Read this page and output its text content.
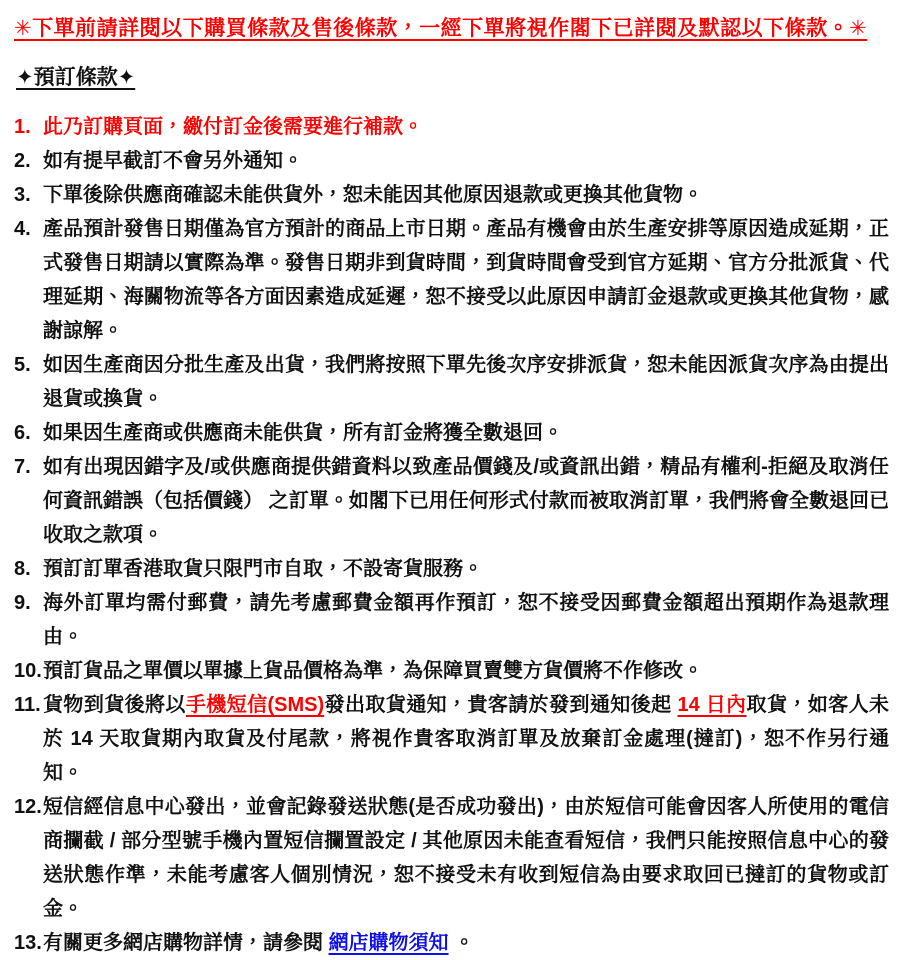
✳下單前請詳閱以下購買條款及售後條款，一經下單將視作閣下已詳閱及默認以下條款。✳
✦預訂條款✦
1. 此乃訂購頁面，繳付訂金後需要進行補款。
2. 如有提早截訂不會另外通知。
3. 下單後除供應商確認未能供貨外，恕未能因其他原因退款或更換其他貨物。
4. 產品預計發售日期僅為官方預計的商品上市日期。產品有機會由於生產安排等原因造成延期，正式發售日期請以實際為準。發售日期非到貨時間，到貨時間會受到官方延期、官方分批派貨、代理延期、海關物流等各方面因素造成延遲，恕不接受以此原因申請訂金退款或更換其他貨物，感謝諒解。
5. 如因生產商因分批生產及出貨，我們將按照下單先後次序安排派貨，恕未能因派貨次序為由提出退貨或換貨。
6. 如果因生產商或供應商未能供貨，所有訂金將獲全數退回。
7. 如有出現因錯字及/或供應商提供錯資料以致產品價錢及/或資訊出錯，精品有權利-拒絕及取消任何資訊錯誤（包括價錢） 之訂單。如閣下已用任何形式付款而被取消訂單，我們將會全數退回已收取之款項。
8. 預訂訂單香港取貨只限門市自取，不設寄貨服務。
9. 海外訂單均需付郵費，請先考慮郵費金額再作預訂，恕不接受因郵費金額超出預期作為退款理由。
10. 預訂貨品之單價以單據上貨品價格為準，為保障買賣雙方貨價將不作修改。
11. 貨物到貨後將以手機短信(SMS)發出取貨通知，貴客請於發到通知後起 14 日內取貨，如客人未於 14 天取貨期內取貨及付尾款，將視作貴客取消訂單及放棄訂金處理(撻訂)，恕不作另行通知。
12. 短信經信息中心發出，並會記錄發送狀態(是否成功發出)，由於短信可能會因客人所使用的電信商攔截 / 部分型號手機內置短信攔置設定 / 其他原因未能查看短信，我們只能按照信息中心的發送狀態作準，未能考慮客人個別情況，恕不接受未有收到短信為由要求取回已撻訂的貨物或訂金。
13. 有關更多網店購物詳情，請參閱 網店購物須知 。
